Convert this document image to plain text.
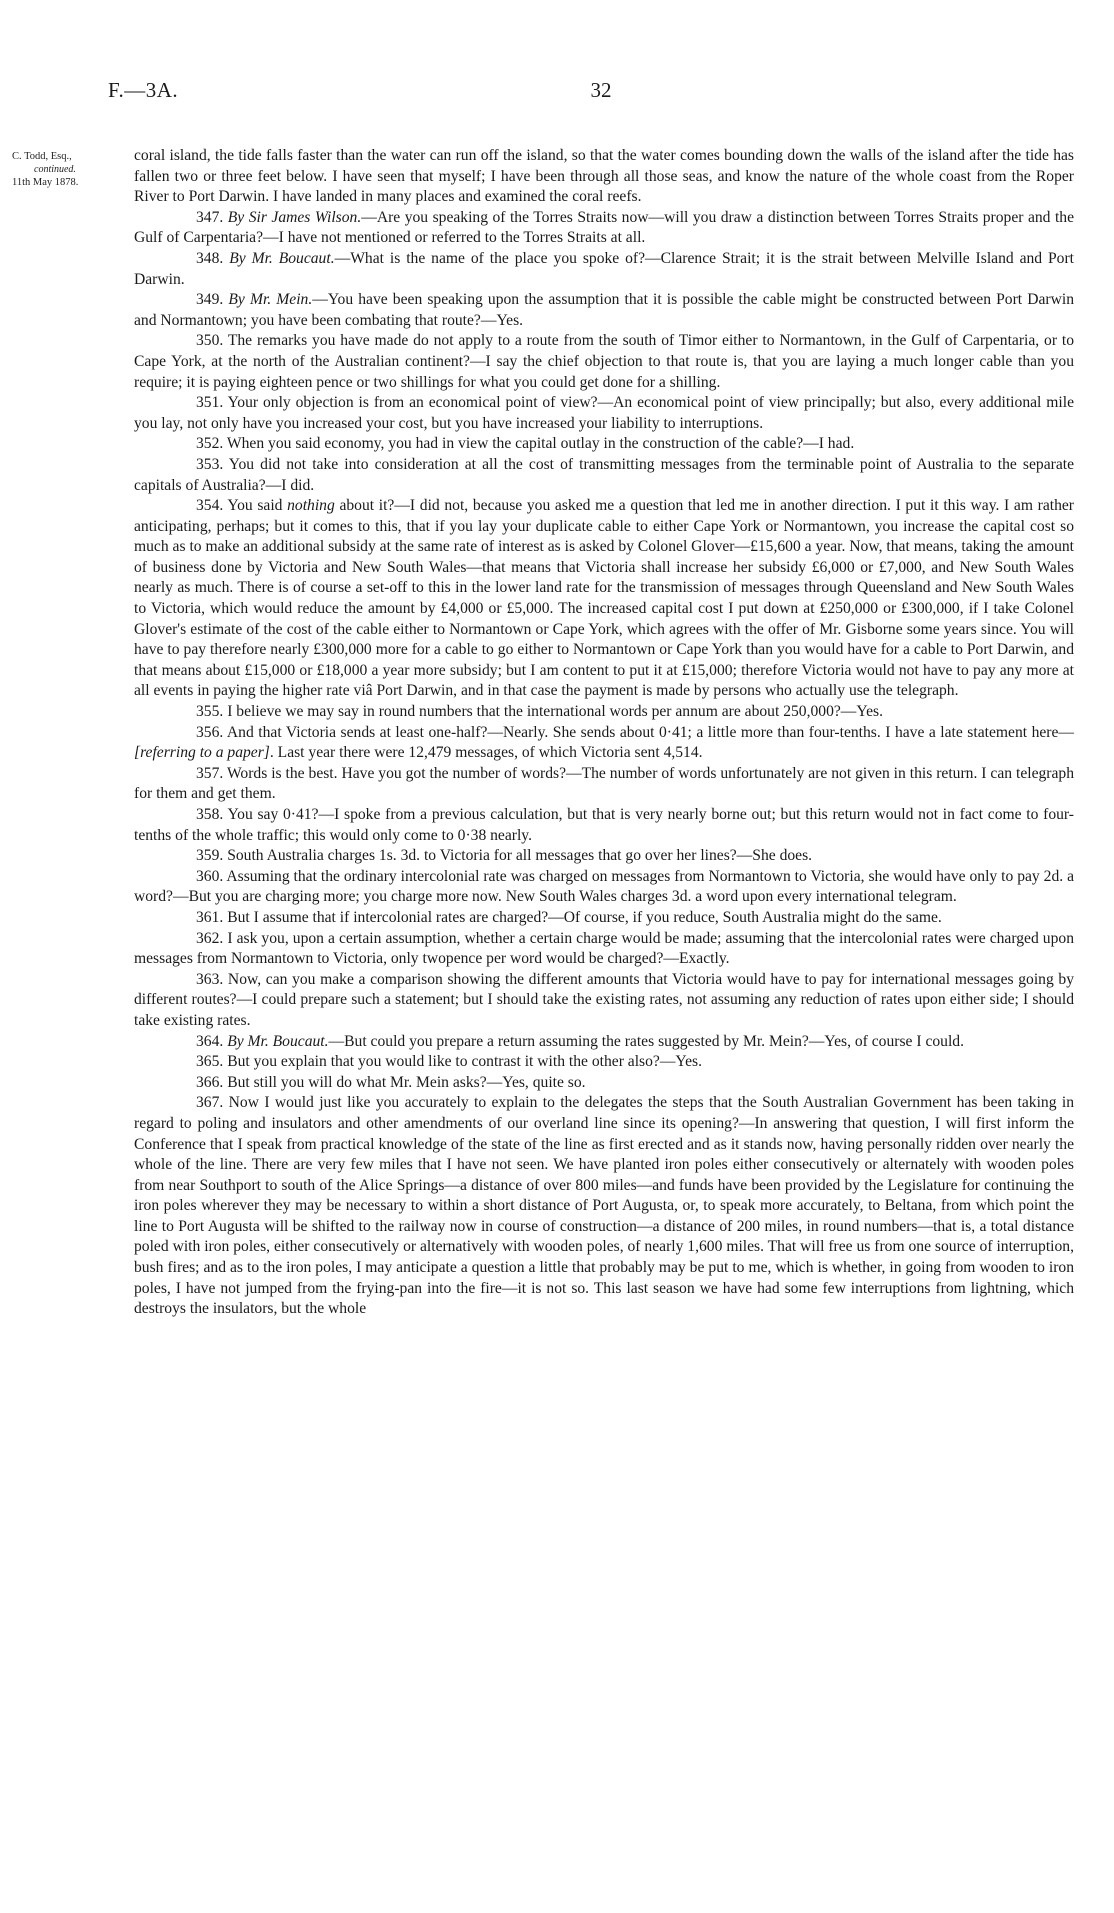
F.—3A.	32
C. Todd, Esq.,
continued.
11th May 1878.

coral island, the tide falls faster than the water can run off the island, so that the water comes bounding down the walls of the island after the tide has fallen two or three feet below. I have seen that myself; I have been through all those seas, and know the nature of the whole coast from the Roper River to Port Darwin. I have landed in many places and examined the coral reefs.

347. By Sir James Wilson.—Are you speaking of the Torres Straits now—will you draw a distinction between Torres Straits proper and the Gulf of Carpentaria?—I have not mentioned or referred to the Torres Straits at all.

348. By Mr. Boucaut.—What is the name of the place you spoke of?—Clarence Strait; it is the strait between Melville Island and Port Darwin.

349. By Mr. Mein.—You have been speaking upon the assumption that it is possible the cable might be constructed between Port Darwin and Normantown; you have been combating that route?—Yes.

350. The remarks you have made do not apply to a route from the south of Timor either to Normantown, in the Gulf of Carpentaria, or to Cape York, at the north of the Australian continent?—I say the chief objection to that route is, that you are laying a much longer cable than you require; it is paying eighteen pence or two shillings for what you could get done for a shilling.

351. Your only objection is from an economical point of view?—An economical point of view principally; but also, every additional mile you lay, not only have you increased your cost, but you have increased your liability to interruptions.

352. When you said economy, you had in view the capital outlay in the construction of the cable?—I had.

353. You did not take into consideration at all the cost of transmitting messages from the terminable point of Australia to the separate capitals of Australia?—I did.

354. You said nothing about it?—I did not, because you asked me a question that led me in another direction. I put it this way. I am rather anticipating, perhaps; but it comes to this, that if you lay your duplicate cable to either Cape York or Normantown, you increase the capital cost so much as to make an additional subsidy at the same rate of interest as is asked by Colonel Glover—£15,600 a year. Now, that means, taking the amount of business done by Victoria and New South Wales—that means that Victoria shall increase her subsidy £6,000 or £7,000, and New South Wales nearly as much. There is of course a set-off to this in the lower land rate for the transmission of messages through Queensland and New South Wales to Victoria, which would reduce the amount by £4,000 or £5,000. The increased capital cost I put down at £250,000 or £300,000, if I take Colonel Glover's estimate of the cost of the cable either to Normantown or Cape York, which agrees with the offer of Mr. Gisborne some years since. You will have to pay therefore nearly £300,000 more for a cable to go either to Normantown or Cape York than you would have for a cable to Port Darwin, and that means about £15,000 or £18,000 a year more subsidy; but I am content to put it at £15,000; therefore Victoria would not have to pay any more at all events in paying the higher rate viâ Port Darwin, and in that case the payment is made by persons who actually use the telegraph.

355. I believe we may say in round numbers that the international words per annum are about 250,000?—Yes.

356. And that Victoria sends at least one-half?—Nearly. She sends about 0·41; a little more than four-tenths. I have a late statement here—[referring to a paper]. Last year there were 12,479 messages, of which Victoria sent 4,514.

357. Words is the best. Have you got the number of words?—The number of words unfortunately are not given in this return. I can telegraph for them and get them.

358. You say 0·41?—I spoke from a previous calculation, but that is very nearly borne out; but this return would not in fact come to four-tenths of the whole traffic; this would only come to 0·38 nearly.

359. South Australia charges 1s. 3d. to Victoria for all messages that go over her lines?—She does.

360. Assuming that the ordinary intercolonial rate was charged on messages from Normantown to Victoria, she would have only to pay 2d. a word?—But you are charging more; you charge more now. New South Wales charges 3d. a word upon every international telegram.

361. But I assume that if intercolonial rates are charged?—Of course, if you reduce, South Australia might do the same.

362. I ask you, upon a certain assumption, whether a certain charge would be made; assuming that the intercolonial rates were charged upon messages from Normantown to Victoria, only twopence per word would be charged?—Exactly.

363. Now, can you make a comparison showing the different amounts that Victoria would have to pay for international messages going by different routes?—I could prepare such a statement; but I should take the existing rates, not assuming any reduction of rates upon either side; I should take existing rates.

364. By Mr. Boucaut.—But could you prepare a return assuming the rates suggested by Mr. Mein?—Yes, of course I could.

365. But you explain that you would like to contrast it with the other also?—Yes.

366. But still you will do what Mr. Mein asks?—Yes, quite so.

367. Now I would just like you accurately to explain to the delegates the steps that the South Australian Government has been taking in regard to poling and insulators and other amendments of our overland line since its opening?—In answering that question, I will first inform the Conference that I speak from practical knowledge of the state of the line as first erected and as it stands now, having personally ridden over nearly the whole of the line. There are very few miles that I have not seen. We have planted iron poles either consecutively or alternately with wooden poles from near Southport to south of the Alice Springs—a distance of over 800 miles—and funds have been provided by the Legislature for continuing the iron poles wherever they may be necessary to within a short distance of Port Augusta, or, to speak more accurately, to Beltana, from which point the line to Port Augusta will be shifted to the railway now in course of construction—a distance of 200 miles, in round numbers—that is, a total distance poled with iron poles, either consecutively or alternatively with wooden poles, of nearly 1,600 miles. That will free us from one source of interruption, bush fires; and as to the iron poles, I may anticipate a question a little that probably may be put to me, which is whether, in going from wooden to iron poles, I have not jumped from the frying-pan into the fire—it is not so. This last season we have had some few interruptions from lightning, which destroys the insulators, but the whole
